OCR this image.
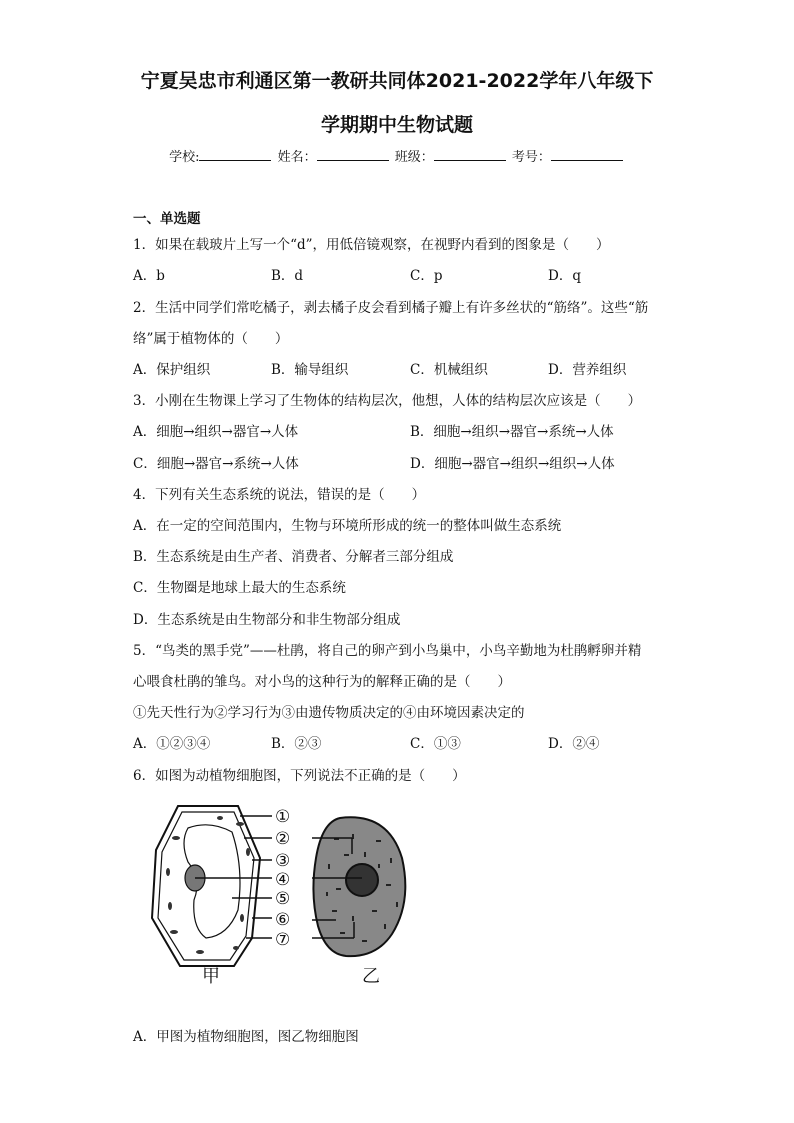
宁夏吴忠市利通区第一教研共同体2021-2022学年八年级下
学期期中生物试题
学校:	姓名：	班级：	考号：
一、单选题
1．如果在载玻片上写一个“d”，用低倍镜观察，在视野内看到的图象是（　　）
A．b	B．d	C．p	D．q
2．生活中同学们常吃橘子，剥去橘子皮会看到橘子瓣上有许多丝状的“筋络”。这些“筋
络”属于植物体的（　　）
A．保护组织	B．输导组织	C．机械组织	D．营养组织
3．小刚在生物课上学习了生物体的结构层次，他想，人体的结构层次应该是（　　）
A．细胞→组织→器官→人体	B．细胞→组织→器官→系统→人体
C．细胞→器官→系统→人体	D．细胞→器官→组织→组织→人体
4．下列有关生态系统的说法，错误的是（　　）
A．在一定的空间范围内，生物与环境所形成的统一的整体叫做生态系统
B．生态系统是由生产者、消费者、分解者三部分组成
C．生物圈是地球上最大的生态系统
D．生态系统是由生物部分和非生物部分组成
5．“鸟类的黑手党”——杜鹃，将自己的卵产到小鸟巢中，小鸟辛勤地为杜鹃孵卵并精
心喂食杜鹃的雏鸟。对小鸟的这种行为的解释正确的是（　　）
①先天性行为②学习行为③由遗传物质决定的④由环境因素决定的
A．①②③④	B．②③	C．①③	D．②④
6．如图为动植物细胞图，下列说法不正确的是（　　）
①
②
③
④
⑤
⑥
⑦
甲	乙
A．甲图为植物细胞图，图乙物细胞图
